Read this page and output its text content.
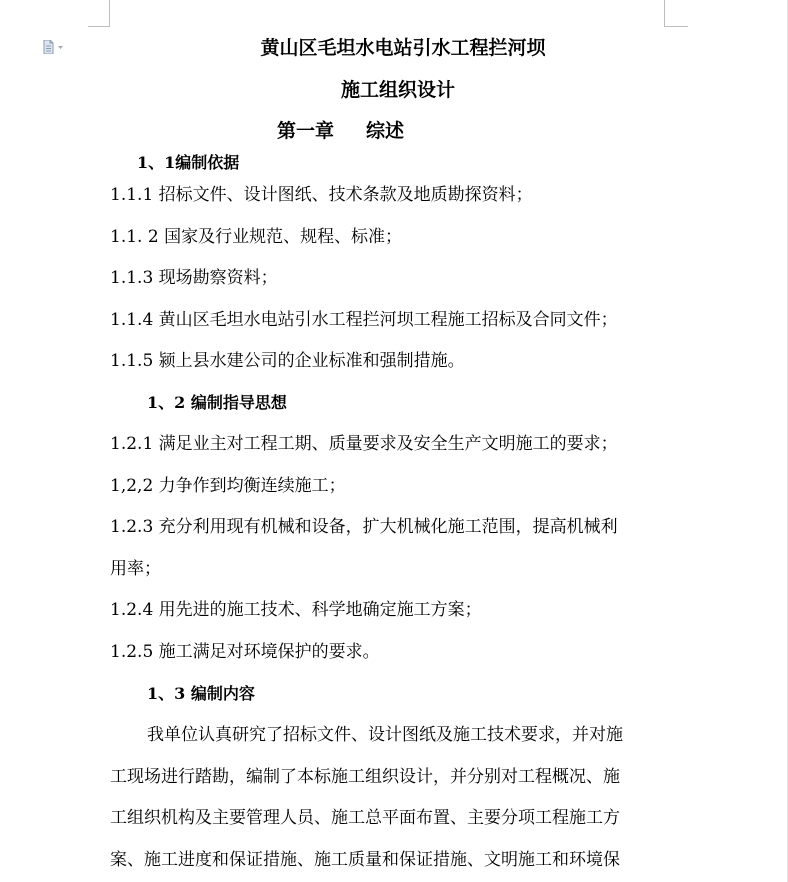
黄山区毛坦水电站引水工程拦河坝
施工组织设计
第一章 综述
1、1编制依据
1.1.1 招标文件、设计图纸、技术条款及地质勘探资料；
1.1. 2 国家及行业规范、规程、标准；
1.1.3 现场勘察资料；
1.1.4 黄山区毛坦水电站引水工程拦河坝工程施工招标及合同文件；
1.1.5 颍上县水建公司的企业标准和强制措施。
1、2 编制指导思想
1.2.1 满足业主对工程工期、质量要求及安全生产文明施工的要求；
1,2,2 力争作到均衡连续施工；
1.2.3 充分利用现有机械和设备，扩大机械化施工范围，提高机械利
用率；
1.2.4 用先进的施工技术、科学地确定施工方案；
1.2.5 施工满足对环境保护的要求。
1、3 编制内容
我单位认真研究了招标文件、设计图纸及施工技术要求，并对施
工现场进行踏勘，编制了本标施工组织设计，并分别对工程概况、施
工组织机构及主要管理人员、施工总平面布置、主要分项工程施工方
案、施工进度和保证措施、施工质量和保证措施、文明施工和环境保
